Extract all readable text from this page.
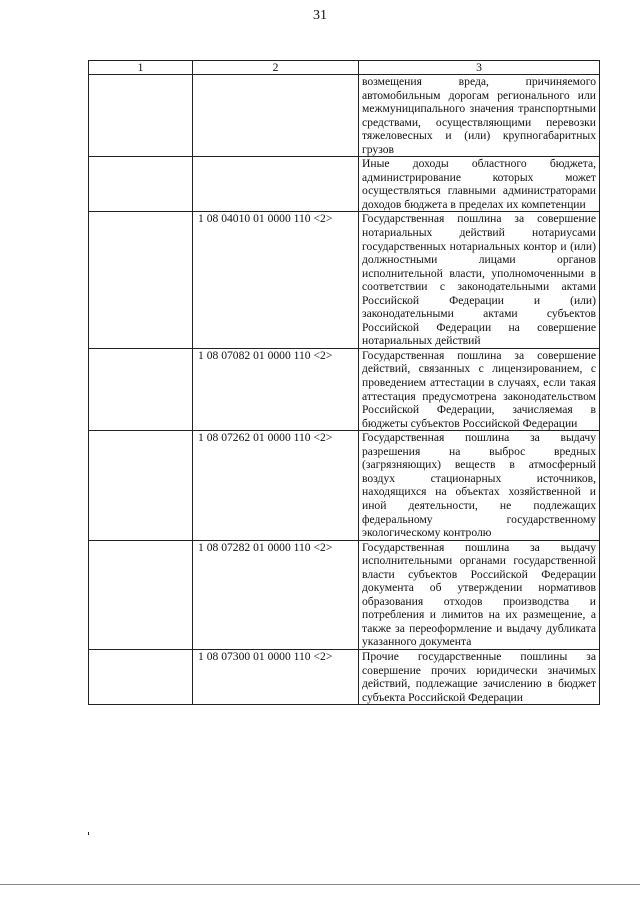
31
1	2	3
		возмещения вреда, причиняемого автомобильным дорогам регионального или межмуниципального значения транспортными средствами, осуществляющими перевозки тяжеловесных и (или) крупногабаритных грузов
		Иные доходы областного бюджета, администрирование которых может осуществляться главными администраторами доходов бюджета в пределах их компетенции
	1 08 04010 01 0000 110 <2>	Государственная пошлина за совершение нотариальных действий нотариусами государственных нотариальных контор и (или) должностными лицами органов исполнительной власти, уполномоченными в соответствии с законодательными актами Российской Федерации и (или) законодательными актами субъектов Российской Федерации на совершение нотариальных действий
	1 08 07082 01 0000 110 <2>	Государственная пошлина за совершение действий, связанных с лицензированием, с проведением аттестации в случаях, если такая аттестация предусмотрена законодательством Российской Федерации, зачисляемая в бюджеты субъектов Российской Федерации
	1 08 07262 01 0000 110 <2>	Государственная пошлина за выдачу разрешения на выброс вредных (загрязняющих) веществ в атмосферный воздух стационарных источников, находящихся на объектах хозяйственной и иной деятельности, не подлежащих федеральному государственному экологическому контролю
	1 08 07282 01 0000 110 <2>	Государственная пошлина за выдачу исполнительными органами государственной власти субъектов Российской Федерации документа об утверждении нормативов образования отходов производства и потребления и лимитов на их размещение, а также за переоформление и выдачу дубликата указанного документа
	1 08 07300 01 0000 110 <2>	Прочие государственные пошлины за совершение прочих юридически значимых действий, подлежащие зачислению в бюджет субъекта Российской Федерации
